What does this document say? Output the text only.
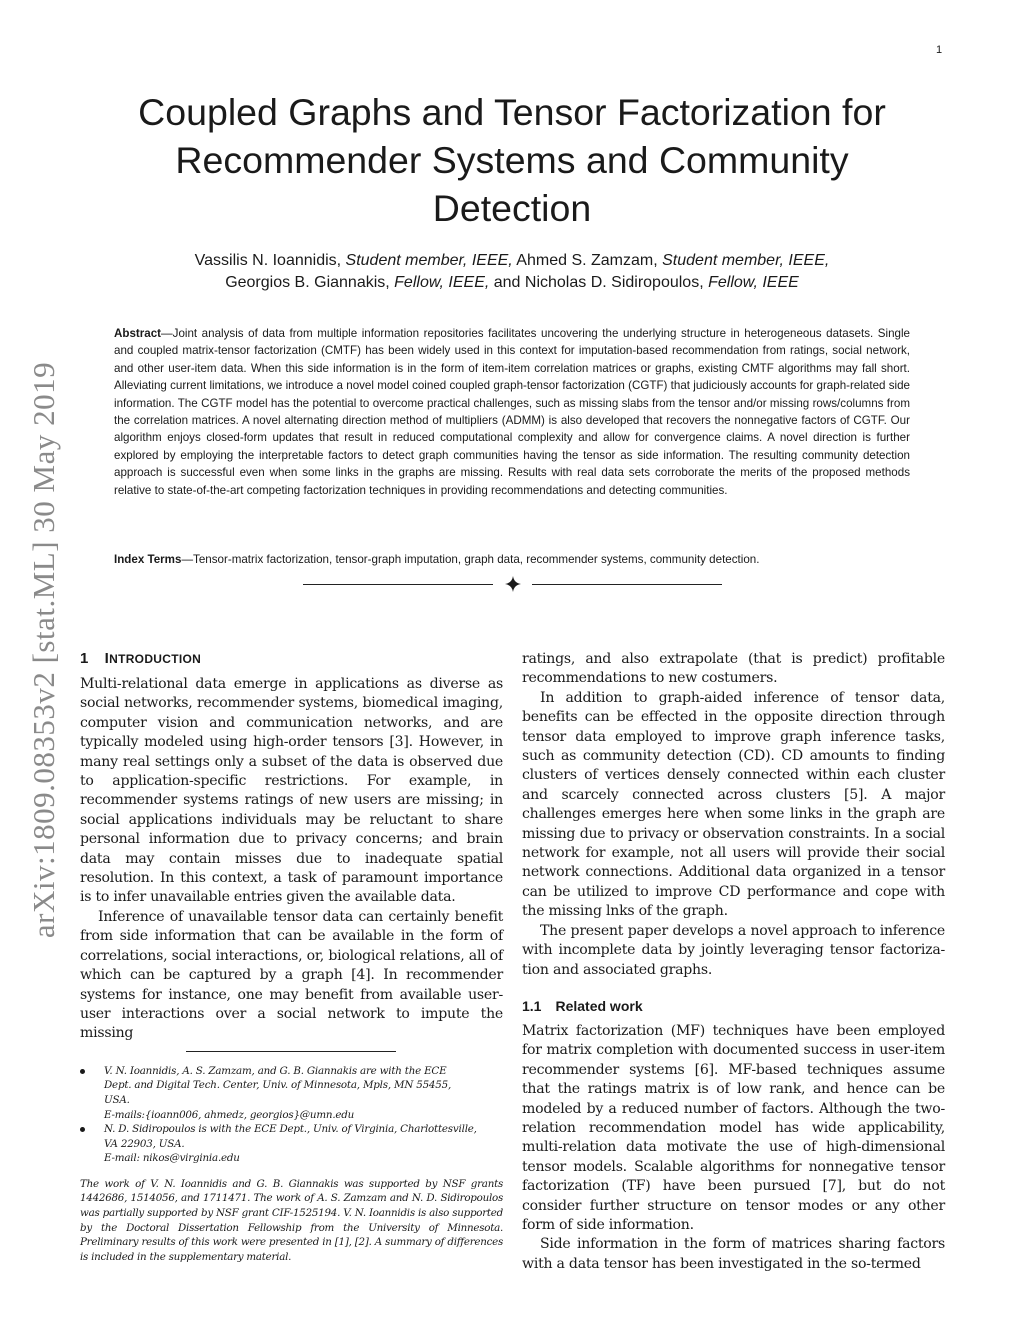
1
arXiv:1809.08353v2 [stat.ML] 30 May 2019
Coupled Graphs and Tensor Factorization for
Recommender Systems and Community
Detection
Vassilis N. Ioannidis, Student member, IEEE, Ahmed S. Zamzam, Student member, IEEE,
Georgios B. Giannakis, Fellow, IEEE, and Nicholas D. Sidiropoulos, Fellow, IEEE
Abstract—Joint analysis of data from multiple information repositories facilitates uncovering the underlying structure in heterogeneous datasets. Single and coupled matrix-tensor factorization (CMTF) has been widely used in this context for imputation-based recommendation from ratings, social network, and other user-item data. When this side information is in the form of item-item correlation matrices or graphs, existing CMTF algorithms may fall short. Alleviating current limitations, we introduce a novel model coined coupled graph-tensor factorization (CGTF) that judiciously accounts for graph-related side information. The CGTF model has the potential to overcome practical challenges, such as missing slabs from the tensor and/or missing rows/columns from the correlation matrices. A novel alternating direction method of multipliers (ADMM) is also developed that recovers the nonnegative factors of CGTF. Our algorithm enjoys closed-form updates that result in reduced computational complexity and allow for convergence claims. A novel direction is further explored by employing the interpretable factors to detect graph communities having the tensor as side information. The resulting community detection approach is successful even when some links in the graphs are missing. Results with real data sets corroborate the merits of the proposed methods relative to state-of-the-art competing factorization techniques in providing recommendations and detecting communities.
Index Terms—Tensor-matrix factorization, tensor-graph imputation, graph data, recommender systems, community detection.
1 INTRODUCTION

Multi-relational data emerge in applications as diverse as social networks, recommender systems, biomedical imaging, computer vision and communication networks, and are typically modeled using high-order tensors [3]. However, in many real settings only a subset of the data is observed due to application-specific restrictions. For example, in recommender systems ratings of new users are missing; in social applications individuals may be reluctant to share personal information due to privacy concerns; and brain data may contain misses due to inadequate spatial resolution. In this context, a task of paramount importance is to infer unavailable entries given the available data.

Inference of unavailable tensor data can certainly benefit from side information that can be available in the form of correlations, social interactions, or, biological relations, all of which can be captured by a graph [4]. In recommender systems for instance, one may benefit from available user-user interactions over a social network to impute the missing

V. N. Ioannidis, A. S. Zamzam, and G. B. Giannakis are with the ECE
Dept. and Digital Tech. Center, Univ. of Minnesota, Mpls, MN 55455,
USA.
E-mails:{ioann006, ahmedz, georgios}@umn.edu
N. D. Sidiropoulos is with the ECE Dept., Univ. of Virginia, Charlottesville,
VA 22903, USA.
E-mail: nikos@virginia.edu

The work of V. N. Ioannidis and G. B. Giannakis was supported by NSF grants 1442686, 1514056, and 1711471. The work of A. S. Zamzam and N. D. Sidiropoulos was partially supported by NSF grant CIF-1525194. V. N. Ioannidis is also supported by the Doctoral Dissertation Fellowship from the University of Minnesota. Preliminary results of this work were presented in [1], [2]. A summary of differences is included in the supplementary material.

ratings, and also extrapolate (that is predict) profitable recommendations to new costumers.

In addition to graph-aided inference of tensor data, benefits can be effected in the opposite direction through tensor data employed to improve graph inference tasks, such as community detection (CD). CD amounts to finding clusters of vertices densely connected within each cluster and scarcely connected across clusters [5]. A major challenges emerges here when some links in the graph are missing due to privacy or observation constraints. In a social network for example, not all users will provide their social network connections. Additional data organized in a tensor can be utilized to improve CD performance and cope with the missing lnks of the graph.

The present paper develops a novel approach to inference with incomplete data by jointly leveraging tensor factoriza-tion and associated graphs.

1.1 Related work

Matrix factorization (MF) techniques have been employed for matrix completion with documented success in user-item recommender systems [6]. MF-based techniques assume that the ratings matrix is of low rank, and hence can be modeled by a reduced number of factors. Although the two-relation recommendation model has wide applicability, multi-relation data motivate the use of high-dimensional tensor models. Scalable algorithms for nonnegative tensor factorization (TF) have been pursued [7], but do not consider further structure on tensor modes or any other form of side information.

Side information in the form of matrices sharing factors with a data tensor has been investigated in the so-termed
